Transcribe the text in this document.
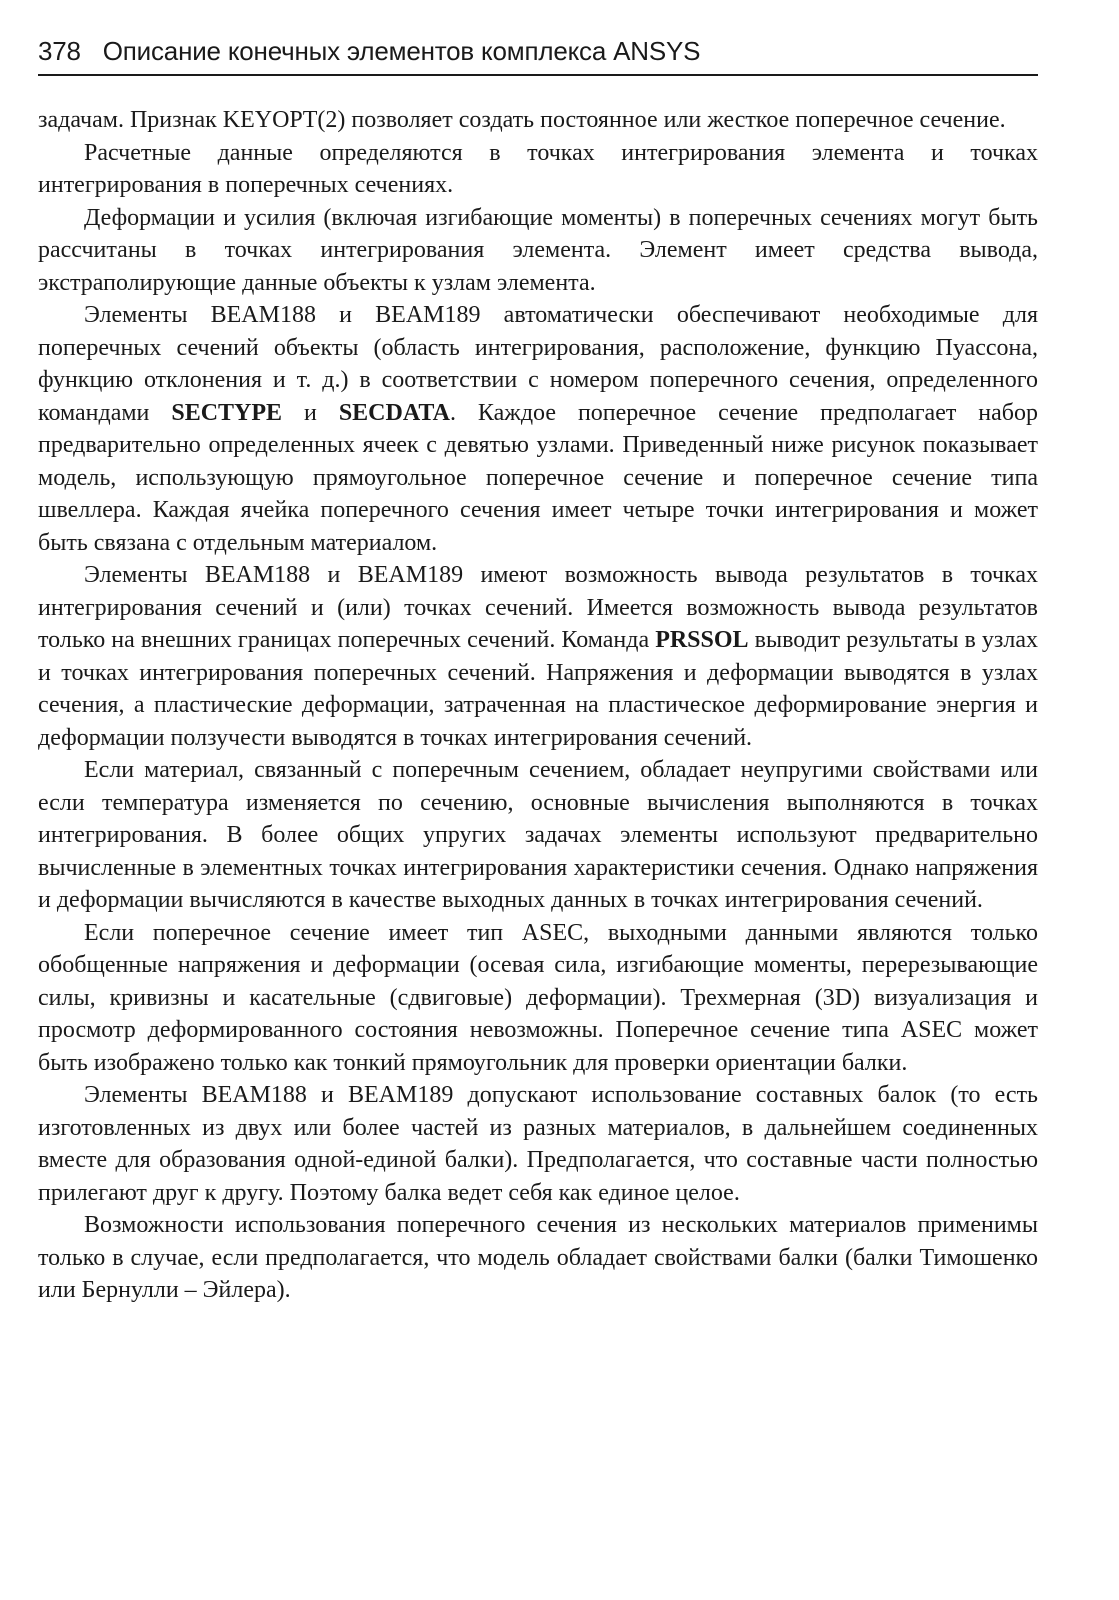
378 Описание конечных элементов комплекса ANSYS

задачам. Признак KEYOPT(2) позволяет создать постоянное или жесткое поперечное сечение.

Расчетные данные определяются в точках интегрирования элемента и точках интегрирования в поперечных сечениях.

Деформации и усилия (включая изгибающие моменты) в поперечных сечениях могут быть рассчитаны в точках интегрирования элемента. Элемент имеет средства вывода, экстраполирующие данные объекты к узлам элемента.

Элементы BEAM188 и BEAM189 автоматически обеспечивают необходимые для поперечных сечений объекты (область интегрирования, расположение, функцию Пуассона, функцию отклонения и т. д.) в соответствии с номером поперечного сечения, определенного командами SECTYPE и SECDATA. Каждое поперечное сечение предполагает набор предварительно определенных ячеек с девятью узлами. Приведенный ниже рисунок показывает модель, использующую прямоугольное поперечное сечение и поперечное сечение типа швеллера. Каждая ячейка поперечного сечения имеет четыре точки интегрирования и может быть связана с отдельным материалом.

Элементы BEAM188 и BEAM189 имеют возможность вывода результатов в точках интегрирования сечений и (или) точках сечений. Имеется возможность вывода результатов только на внешних границах поперечных сечений. Команда PRSSOL выводит результаты в узлах и точках интегрирования поперечных сечений. Напряжения и деформации выводятся в узлах сечения, а пластические деформации, затраченная на пластическое деформирование энергия и деформации ползучести выводятся в точках интегрирования сечений.

Если материал, связанный с поперечным сечением, обладает неупругими свойствами или если температура изменяется по сечению, основные вычисления выполняются в точках интегрирования. В более общих упругих задачах элементы используют предварительно вычисленные в элементных точках интегрирования характеристики сечения. Однако напряжения и деформации вычисляются в качестве выходных данных в точках интегрирования сечений.

Если поперечное сечение имеет тип ASEC, выходными данными являются только обобщенные напряжения и деформации (осевая сила, изгибающие моменты, перерезывающие силы, кривизны и касательные (сдвиговые) деформации). Трехмерная (3D) визуализация и просмотр деформированного состояния невозможны. Поперечное сечение типа ASEC может быть изображено только как тонкий прямоугольник для проверки ориентации балки.

Элементы BEAM188 и BEAM189 допускают использование составных балок (то есть изготовленных из двух или более частей из разных материалов, в дальнейшем соединенных вместе для образования одной-единой балки). Предполагается, что составные части полностью прилегают друг к другу. Поэтому балка ведет себя как единое целое.

Возможности использования поперечного сечения из нескольких материалов применимы только в случае, если предполагается, что модель обладает свойствами балки (балки Тимошенко или Бернулли – Эйлера).
